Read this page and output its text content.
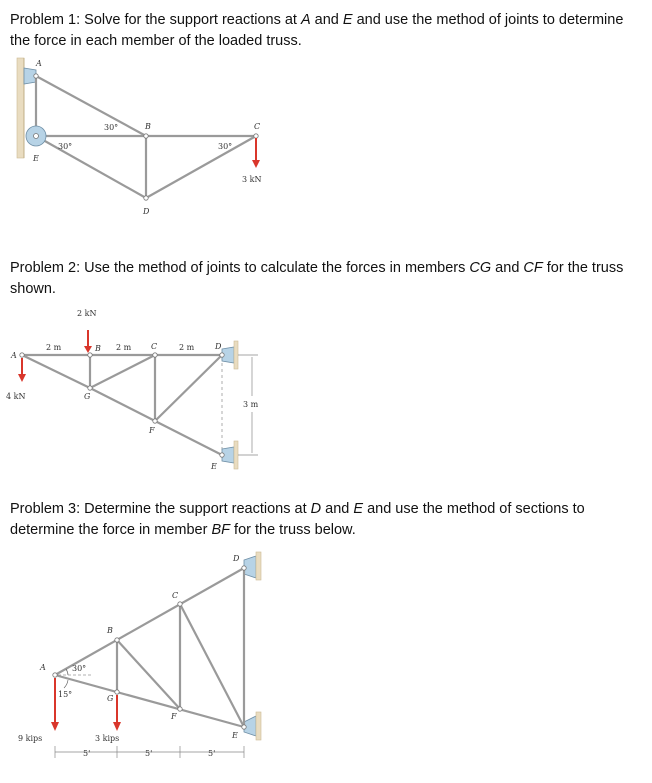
Problem 1: Solve for the support reactions at A and E and use the method of joints to determine the force in each member of the loaded truss.
A
E
B	C
D
30°
30°	30°
3 kN
Problem 2: Use the method of joints to calculate the forces in members CG and CF for the truss shown.
A
B	C	D
G
F
E
2 kN
4 kN
2 m	2 m	2 m
3 m
Problem 3: Determine the support reactions at D and E and use the method of sections to determine the force in member BF for the truss below.
A
B
C
D
G
F
E
30°
15°
9 kips	3 kips
5'	5'	5'
